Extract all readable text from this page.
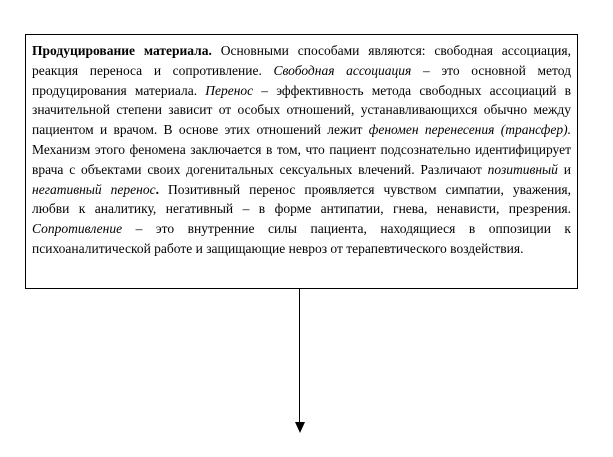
Продуцирование материала. Основными способами являются: свободная ассоциация, реакция переноса и сопротивление. Свободная ассоциация – это основной метод продуцирования материала. Перенос – эффективность метода свободных ассоциаций в значительной степени зависит от особых отношений, устанавливающихся обычно между пациентом и врачом. В основе этих отношений лежит феномен перенесения (трансфер). Механизм этого феномена заключается в том, что пациент подсознательно идентифицирует врача с объектами своих догенитальных сексуальных влечений. Различают позитивный и негативный перенос. Позитивный перенос проявляется чувством симпатии, уважения, любви к аналитику, негативный – в форме антипатии, гнева, ненависти, презрения. Сопротивление – это внутренние силы пациента, находящиеся в оппозиции к психоаналитической работе и защищающие невроз от терапевтического воздействия.
